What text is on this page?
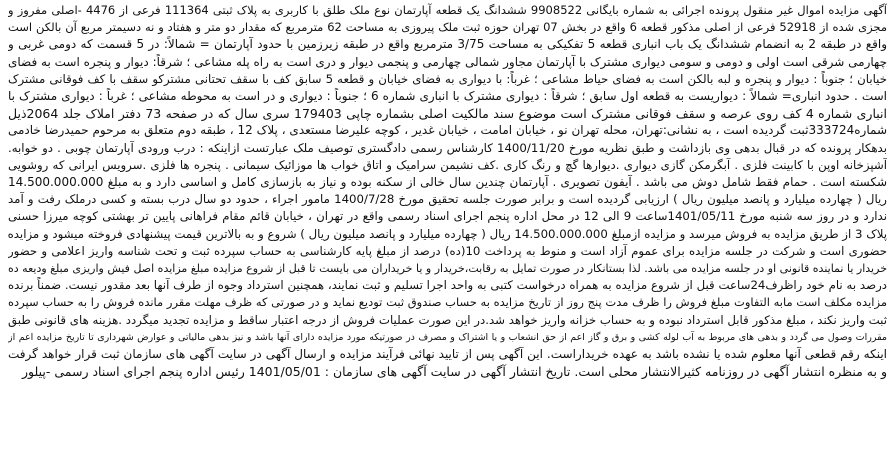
آگهی مزایده اموال غیر منقول پرونده اجرائی به شماره بایگانی 9908522 ششدانگ یک قطعه آپارتمان نوع ملک طلق با کاربری به پلاک ثبتی 111364 فرعی از 4476 -اصلی مفروز و
مجزی شده از 52918 فرعی از اصلی مذکور قطعه 6 واقع در بخش 07 تهران حوزه ثبت ملک پیروزی به مساحت 62 مترمربع که مقدار دو متر و هفتاد و نه دسیمتر مربع آن بالکن است
واقع در طبقه 2 به انضمام ششدانگ یک باب انباری قطعه 5 تفکیکی به مساحت 3/75 مترمربع واقع در طبقه زیرزمین با حدود آپارتمان = شمالاً: در 5 قسمت که دومی غربی و
چهارمی شرقی است اولی و دومی و سومی دیواری مشترک با آپارتمان مجاور شمالی چهارمی و پنجمی دیوار و دری است به راه پله مشاعی ؛ شرقاً: دیوار و پنجره است به فضای
خیابان ؛ جنوباً : دیوار و پنجره و لبه بالکن است به فضای حیاط مشاعی ؛ غرباً: با دیواری به فضای خیابان و قطعه 5 سابق کف با سقف تحتانی مشترکو سقف با کف فوقانی مشترک
است . حدود انباری= شمالاً : دیواریست به قطعه اول سابق ؛ شرقاً : دیواری مشترک با انباری شماره 6 ؛ جنوباً : دیواری و در است به محوطه مشاعی ؛ غرباً : دیواری مشترک با
انباری شماره 4 کف روی عرصه و سقف فوقانی مشترک است موضوع سند مالکیت اصلی بشماره چاپی 179403 سری سال که در صفحه 73 دفتر املاک جلد 2064ذیل
شماره333724ثبت گردیده است ، به نشانی:تهران، محله تهران نو ، خیابان امامت ، خیابان غدیر ، کوچه علیرضا مستعدی ، پلاک 12 ، طبقه دوم متعلق به مرحوم حمیدرضا خادمی
بدهکار پرونده که در قبال بدهی وی بازداشت و طبق نظریه مورخ 1400/11/20 کارشناس رسمی دادگستری توصیف ملک عبارتست ازاینکه : درب ورودی آپارتمان چوبی . دو خوابه.
آشپزخانه اوپن با کابینت فلزی . آبگرمکن گازی دیواری .دیوارها گچ و رنگ کاری .کف نشیمن سرامیک و اتاق خواب ها موزائیک سیمانی . پنجره ها فلزی .سرویس ایرانی که روشویی
شکسته است . حمام فقط شامل دوش می باشد . آیفون تصویری . آپارتمان چندین سال خالی از سکنه بوده و نیاز به بازسازی کامل و اساسی دارد و به مبلغ 14.500.000.000
ریال ( چهارده میلیارد و پانصد میلیون ریال ) ارزیابی گردیده است و برابر صورت جلسه تحقیق مورخ 1400/7/28 مامور اجراء ، حدود دو سال درب بسته و کسی درملک رفت و آمد
ندارد و در روز سه شنبه مورخ 1401/05/11ساعت 9 الی 12 در محل اداره پنجم اجرای اسناد رسمی واقع در تهران ، خیابان قائم مقام فراهانی پایین تر بهشتی کوچه میرزا حسنی
پلاک 3 از طریق مزایده به فروش میرسد و مزایده ازمبلغ 14.500.000.000 ریال ( چهارده میلیارد و پانصد میلیون ریال ) شروع و به بالاترین قیمت پیشنهادی فروخته میشود و مزایده
حضوری است و شرکت در جلسه مزایده برای عموم آزاد است و منوط به پرداخت 10(ده) درصد از مبلغ پایه کارشناسی به حساب سپرده ثبت و تحت شناسه واریز اعلامی و حضور
خریدار یا نماینده قانونی او در جلسه مزایده می باشد. لذا بستانکار در صورت تمایل به رقابت،خریدار و یا خریداران می بایست تا قبل از شروع مزایده مبلغ مزایده اصل فیش واریزی مبلغ ودیعه ده
درصد به نام خود راظرف24ساعت قبل از شروع مزایده به همراه درخواست کتبی به واحد اجرا تسلیم و ثبت نمایند، همچنین استرداد وجوه از طرف آنها بعد مقدور نیست. ضمناً برنده
مزایده مکلف است مابه التفاوت مبلغ فروش را ظرف مدت پنج روز از تاریخ مزایده به حساب صندوق ثبت تودیع نماید و در صورتی که ظرف مهلت مقرر مانده فروش را به حساب سپرده
ثبت واریز نکند ، مبلغ مذکور قابل استرداد نبوده و به حساب خزانه واریز خواهد شد.در این صورت عملیات فروش از درجه اعتبار ساقط و مزایده تجدید میگردد .هزینه های قانونی طبق
مقررات وصول می گردد و بدهی های مربوط به آب لوله کشی و برق و گاز اعم از حق انشعاب و یا اشتراک و مصرف در صورتیکه مورد مزایده دارای آنها باشد و نیز بدهی مالیاتی و عوارض شهرداری تا تاریخ مزایده اعم از
اینکه رقم قطعی آنها معلوم شده یا نشده باشد به عهده خریداراست. این آگهی پس از تایید نهائی فرآیند مزایده و ارسال آگهی در سایت آگهی های سازمان ثبت قرار خواهد گرفت
و به منظره انتشار آگهی در روزنامه کثیرالانتشار محلی است. تاریخ انتشار آگهی در سایت آگهی های سازمان : 1401/05/01 رئیس اداره پنجم اجرای اسناد رسمی -پیلور
